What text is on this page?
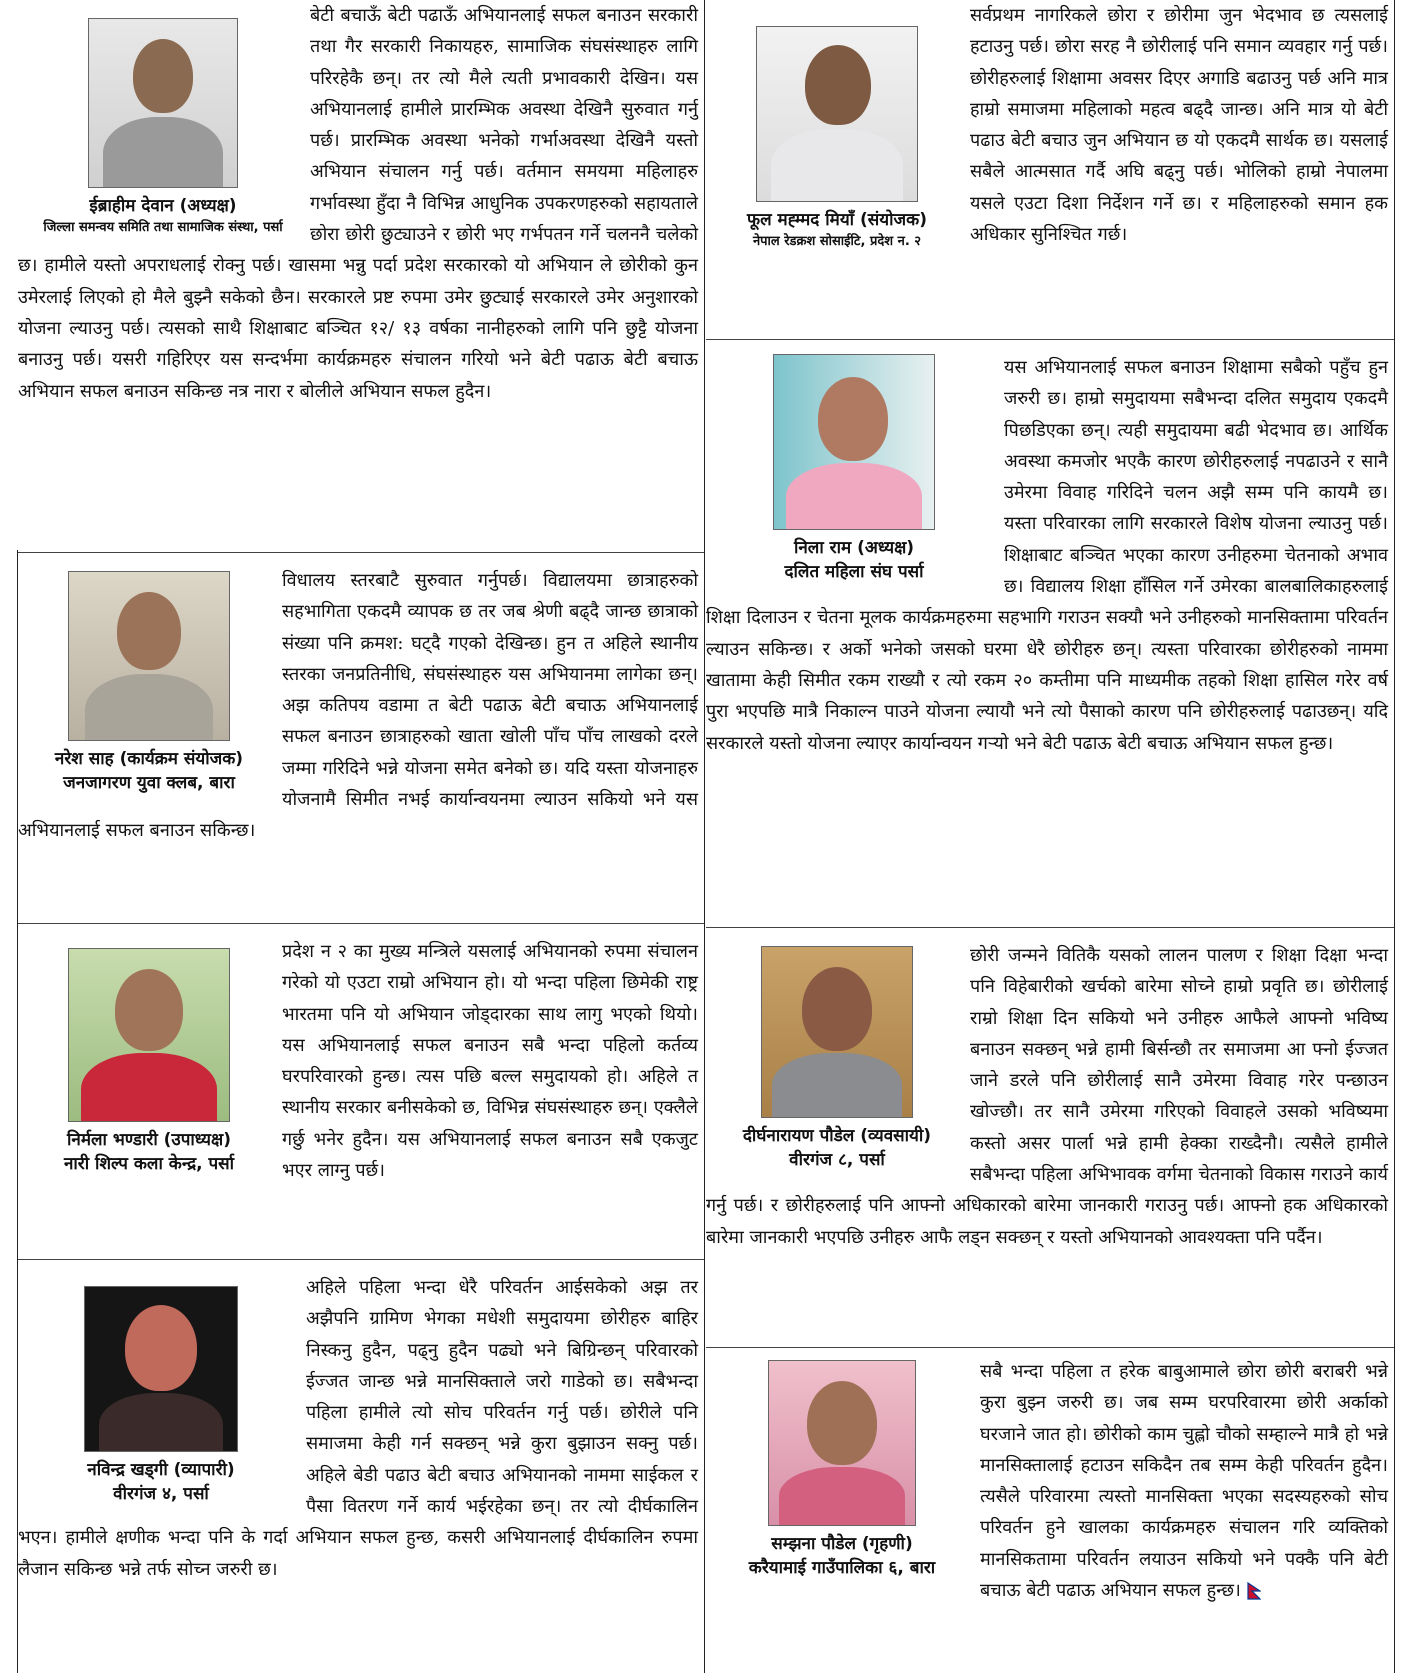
ईब्राहीम देवान (अध्यक्ष)

जिल्ला समन्वय समिति तथा सामाजिक संस्था, पर्सा

बेटी बचाऊँ बेटी पढाऊँ अभियानलाई सफल बनाउन सरकारी तथा गैर सरकारी निकायहरु, सामाजिक संघसंस्थाहरु लागि परिरहेकै छन्। तर त्यो मैले त्यती प्रभावकारी देखिन। यस अभियानलाई हामीले प्रारम्भिक अवस्था देखिनै सुरुवात गर्नु पर्छ। प्रारम्भिक अवस्था भनेको गर्भाअवस्था देखिनै यस्तो अभियान संचालन गर्नु पर्छ। वर्तमान समयमा महिलाहरु गर्भावस्था हुँदा नै विभिन्न आधुनिक उपकरणहरुको सहायताले छोरा छोरी छुट्याउने र छोरी भए गर्भपतन गर्ने चलननै चलेको छ। हामीले यस्तो अपराधलाई रोक्नु पर्छ। खासमा भन्नु पर्दा प्रदेश सरकारको यो अभियान ले छोरीको कुन उमेरलाई लिएको हो मैले बुझ्नै सकेको छैन। सरकारले प्रष्ट रुपमा उमेर छुट्याई सरकारले उमेर अनुशारको योजना ल्याउनु पर्छ। त्यसको साथै शिक्षाबाट बञ्चित १२/ १३ वर्षका नानीहरुको लागि पनि छुट्टै योजना बनाउनु पर्छ। यसरी गहिरिएर यस सन्दर्भमा कार्यक्रमहरु संचालन गरियो भने बेटी पढाऊ बेटी बचाऊ अभियान सफल बनाउन सकिन्छ नत्र नारा र बोलीले अभियान सफल हुदैन।

नरेश साह (कार्यक्रम संयोजक)

जनजागरण युवा क्लब, बारा

विधालय स्तरबाटै सुरुवात गर्नुपर्छ। विद्यालयमा छात्राहरुको सहभागिता एकदमै व्यापक छ तर जब श्रेणी बढ्दै जान्छ छात्राको संख्या पनि क्रमश: घट्दै गएको देखिन्छ। हुन त अहिले स्थानीय स्तरका जनप्रतिनीधि, संघसंस्थाहरु यस अभियानमा लागेका छन्। अझ कतिपय वडामा त बेटी पढाऊ बेटी बचाऊ अभियानलाई सफल बनाउन छात्राहरुको खाता खोली पाँच पाँच लाखको दरले जम्मा गरिदिने भन्ने योजना समेत बनेको छ। यदि यस्ता योजनाहरु योजनामै सिमीत नभई कार्यान्वयनमा ल्याउन सकियो भने यस अभियानलाई सफल बनाउन सकिन्छ।

निर्मला भण्डारी (उपाध्यक्ष)

नारी शिल्प कला केन्द्र, पर्सा

प्रदेश न २ का मुख्य मन्त्रिले यसलाई अभियानको रुपमा संचालन गरेको यो एउटा राम्रो अभियान हो। यो भन्दा पहिला छिमेकी राष्ट्र भारतमा पनि यो अभियान जोड्दारका साथ लागु भएको थियो। यस अभियानलाई सफल बनाउन सबै भन्दा पहिलो कर्तव्य घरपरिवारको हुन्छ। त्यस पछि बल्ल समुदायको हो। अहिले त स्थानीय सरकार बनीसकेको छ, विभिन्न संघसंस्थाहरु छन्। एक्लैले गर्छु भनेर हुदैन। यस अभियानलाई सफल बनाउन सबै एकजुट भएर लाग्नु पर्छ।

नविन्द्र खड्गी (व्यापारी)

वीरगंज ४, पर्सा

अहिले पहिला भन्दा धेरै परिवर्तन आईसकेको अझ तर अझैपनि ग्रामिण भेगका मधेशी समुदायमा छोरीहरु बाहिर निस्कनु हुदैन, पढ्नु हुदैन पढ्यो भने बिग्रिन्छन् परिवारको ईज्जत जान्छ भन्ने मानसिक्ताले जरो गाडेको छ। सबैभन्दा पहिला हामीले त्यो सोच परिवर्तन गर्नु पर्छ। छोरीले पनि समाजमा केही गर्न सक्छन् भन्ने कुरा बुझाउन सक्नु पर्छ। अहिले बेडी पढाउ बेटी बचाउ अभियानको नाममा साईकल र पैसा वितरण गर्ने कार्य भईरहेका छन्। तर त्यो दीर्घकालिन भएन। हामीले क्षणीक भन्दा पनि के गर्दा अभियान सफल हुन्छ, कसरी अभियानलाई दीर्घकालिन रुपमा लैजान सकिन्छ भन्ने तर्फ सोच्न जरुरी छ।

फूल मह्म्मद मियाँ (संयोजक)

नेपाल रेडक्रश सोसाईटि, प्रदेश न. २

सर्वप्रथम नागरिकले छोरा र छोरीमा जुन भेदभाव छ त्यसलाई हटाउनु पर्छ। छोरा सरह नै छोरीलाई पनि समान व्यवहार गर्नु पर्छ। छोरीहरुलाई शिक्षामा अवसर दिएर अगाडि बढाउनु पर्छ अनि मात्र हाम्रो समाजमा महिलाको महत्व बढ्दै जान्छ। अनि मात्र यो बेटी पढाउ बेटी बचाउ जुन अभियान छ यो एकदमै सार्थक छ। यसलाई सबैले आत्मसात गर्दै अघि बढ्नु पर्छ। भोलिको हाम्रो नेपालमा यसले एउटा दिशा निर्देशन गर्ने छ। र महिलाहरुको समान हक अधिकार सुनिश्चित गर्छ।

निला राम (अध्यक्ष)

दलित महिला संघ पर्सा

यस अभियानलाई सफल बनाउन शिक्षामा सबैको पहुँच हुन जरुरी छ। हाम्रो समुदायमा सबैभन्दा दलित समुदाय एकदमै पिछडिएका छन्। त्यही समुदायमा बढी भेदभाव छ। आर्थिक अवस्था कमजोर भएकै कारण छोरीहरुलाई नपढाउने र सानै उमेरमा विवाह गरिदिने चलन अझै सम्म पनि कायमै छ। यस्ता परिवारका लागि सरकारले विशेष योजना ल्याउनु पर्छ। शिक्षाबाट बञ्चित भएका कारण उनीहरुमा चेतनाको अभाव छ। विद्यालय शिक्षा हाँसिल गर्ने उमेरका बालबालिकाहरुलाई शिक्षा दिलाउन र चेतना मूलक कार्यक्रमहरुमा सहभागि गराउन सक्यौ भने उनीहरुको मानसिक्तामा परिवर्तन ल्याउन सकिन्छ। र अर्को भनेको जसको घरमा धेरै छोरीहरु छन्। त्यस्ता परिवारका छोरीहरुको नाममा खातामा केही सिमीत रकम राख्यौ र त्यो रकम २० कम्तीमा पनि माध्यमीक तहको शिक्षा हासिल गरेर वर्ष पुरा भएपछि मात्रै निकाल्न पाउने योजना ल्यायौ भने त्यो पैसाको कारण पनि छोरीहरुलाई पढाउछन्। यदि सरकारले यस्तो योजना ल्याएर कार्यान्वयन गऱ्यो भने बेटी पढाऊ बेटी बचाऊ अभियान सफल हुन्छ।

दीर्घनारायण पौडेल (व्यवसायी)

वीरगंज ८, पर्सा

छोरी जन्मने वितिकै यसको लालन पालण र शिक्षा दिक्षा भन्दा पनि विहेबारीको खर्चको बारेमा सोच्ने हाम्रो प्रवृति छ। छोरीलाई राम्रो शिक्षा दिन सकियो भने उनीहरु आफैले आफ्नो भविष्य बनाउन सक्छन् भन्ने हामी बिर्सन्छौ तर समाजमा आ फ्नो ईज्जत जाने डरले पनि छोरीलाई सानै उमेरमा विवाह गरेर पन्छाउन खोज्छौ। तर सानै उमेरमा गरिएको विवाहले उसको भविष्यमा कस्तो असर पार्ला भन्ने हामी हेक्का राख्दैनौ। त्यसैले हामीले सबैभन्दा पहिला अभिभावक वर्गमा चेतनाको विकास गराउने कार्य गर्नु पर्छ। र छोरीहरुलाई पनि आफ्नो अधिकारको बारेमा जानकारी गराउनु पर्छ। आफ्नो हक अधिकारको बारेमा जानकारी भएपछि उनीहरु आफै लड्न सक्छन् र यस्तो अभियानको आवश्यक्ता पनि पर्दैन।

सम्झना पौडेल (गृहणी)

करैयामाई गाउँपालिका ६, बारा

सबै भन्दा पहिला त हरेक बाबुआमाले छोरा छोरी बराबरी भन्ने कुरा बुझ्न जरुरी छ। जब सम्म घरपरिवारमा छोरी अर्काको घरजाने जात हो। छोरीको काम चुह्लो चौको सम्हाल्ने मात्रै हो भन्ने मानसिक्तालाई हटाउन सकिदैन तब सम्म केही परिवर्तन हुदैन। त्यसैले परिवारमा त्यस्तो मानसिक्ता भएका सदस्यहरुको सोच परिवर्तन हुने खालका कार्यक्रमहरु संचालन गरि व्यक्तिको मानसिकतामा परिवर्तन लयाउन सकियो भने पक्कै पनि बेटी बचाऊ बेटी पढाऊ अभियान सफल हुन्छ।
